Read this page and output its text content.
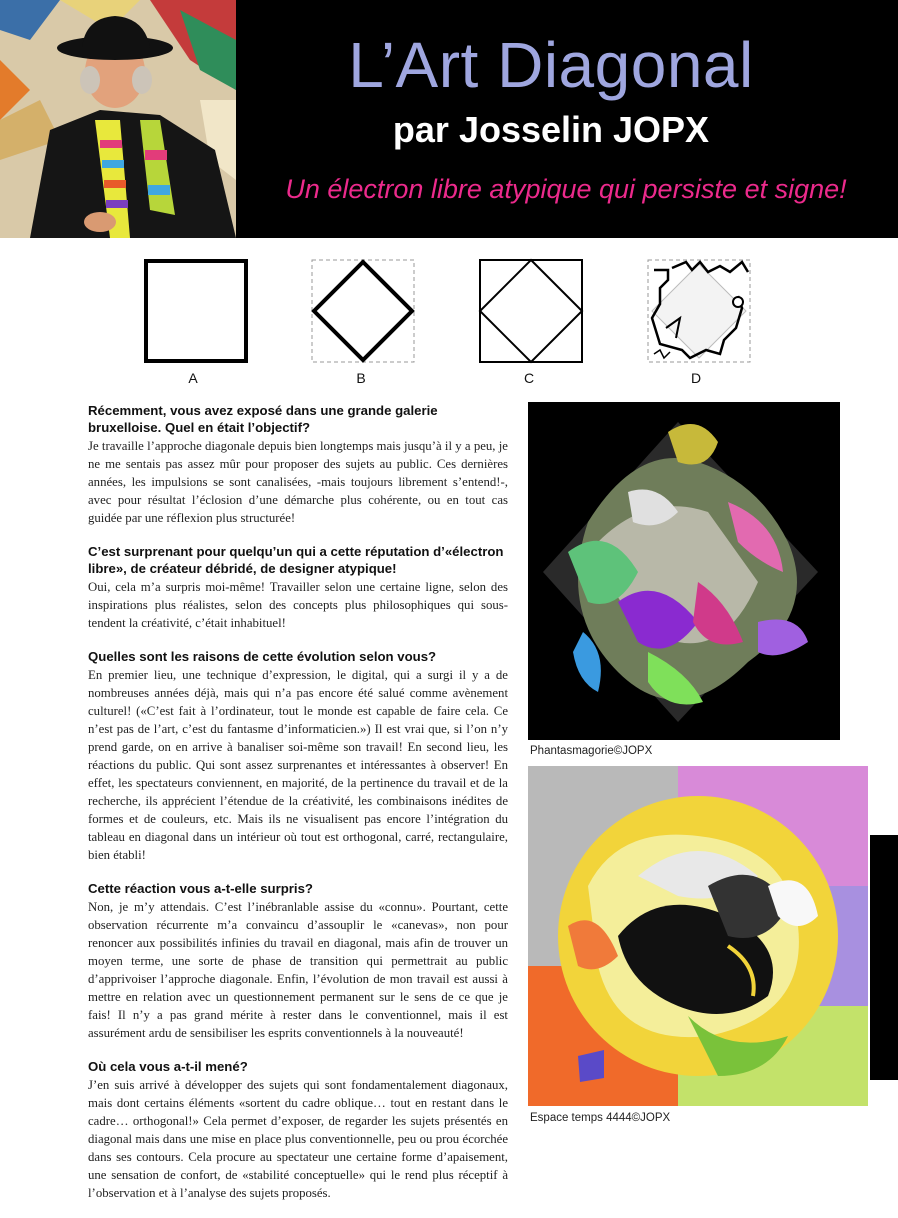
L’Art Diagonal
par Josselin JOPX
Un électron libre atypique qui persiste et signe!
A	B	C	D
Récemment, vous avez exposé dans une grande galerie bruxelloise. Quel en était l’objectif?
Je travaille l’approche diagonale depuis bien longtemps mais jusqu’à il y a peu, je ne me sentais pas assez mûr pour proposer des sujets au public. Ces dernières années, les impulsions se sont canalisées, -mais toujours librement s’entend!-, avec pour résultat l’éclosion d’une démarche plus cohérente, ou en tout cas guidée par une réflexion plus structurée!
C’est surprenant pour quelqu’un qui a cette réputation d’«électron libre», de créateur débridé, de designer atypique!
Oui, cela m’a surpris moi-même! Travailler selon une certaine ligne, selon des inspirations plus réalistes, selon des concepts plus philosophiques qui sous-tendent la créativité, c’était inhabituel!
Quelles sont les raisons de cette évolution selon vous?
En premier lieu, une technique d’expression, le digital, qui a surgi il y a de nombreuses années déjà, mais qui n’a pas encore été salué comme avènement culturel! («C’est fait à l’ordinateur, tout le monde est capable de faire cela. Ce n’est pas de l’art, c’est du fantasme d’informaticien.») Il est vrai que, si l’on n’y prend garde, on en arrive à banaliser soi-même son travail! En second lieu, les réactions du public. Qui sont assez surprenantes et intéressantes à observer! En effet, les spectateurs conviennent, en majorité, de la pertinence du travail et de la recherche, ils apprécient l’étendue de la créativité, les combinaisons inédites de formes et de couleurs, etc. Mais ils ne visualisent pas encore l’intégration du tableau en diagonal dans un intérieur où tout est orthogonal, carré, rectangulaire, bien établi!
Cette réaction vous a-t-elle surpris?
Non, je m’y attendais. C’est l’inébranlable assise du «connu». Pourtant, cette observation récurrente m’a convaincu d’assouplir le «canevas», non pour renoncer aux possibilités infinies du travail en diagonal, mais afin de trouver un moyen terme, une sorte de phase de transition qui permettrait au public d’apprivoiser l’approche diagonale. Enfin, l’évolution de mon travail est aussi à mettre en relation avec un questionnement permanent sur le sens de ce que je fais! Il n’y a pas grand mérite à rester dans le conventionnel, mais il est assurément ardu de sensibiliser les esprits conventionnels à la nouveauté!
Où cela vous a-t-il mené?
J’en suis arrivé à développer des sujets qui sont fondamentalement diagonaux, mais dont certains éléments «sortent du cadre oblique… tout en restant dans le cadre… orthogonal!» Cela permet d’exposer, de regarder les sujets présentés en diagonal mais dans une mise en place plus conventionnelle, peu ou prou écorchée dans ses contours. Cela procure au spectateur une certaine forme d’apaisement, une sensation de confort, de «stabilité conceptuelle» qui le rend plus réceptif à l’observation et à l’analyse des sujets proposés.
Phantasmagorie©JOPX
Espace temps 4444©JOPX
